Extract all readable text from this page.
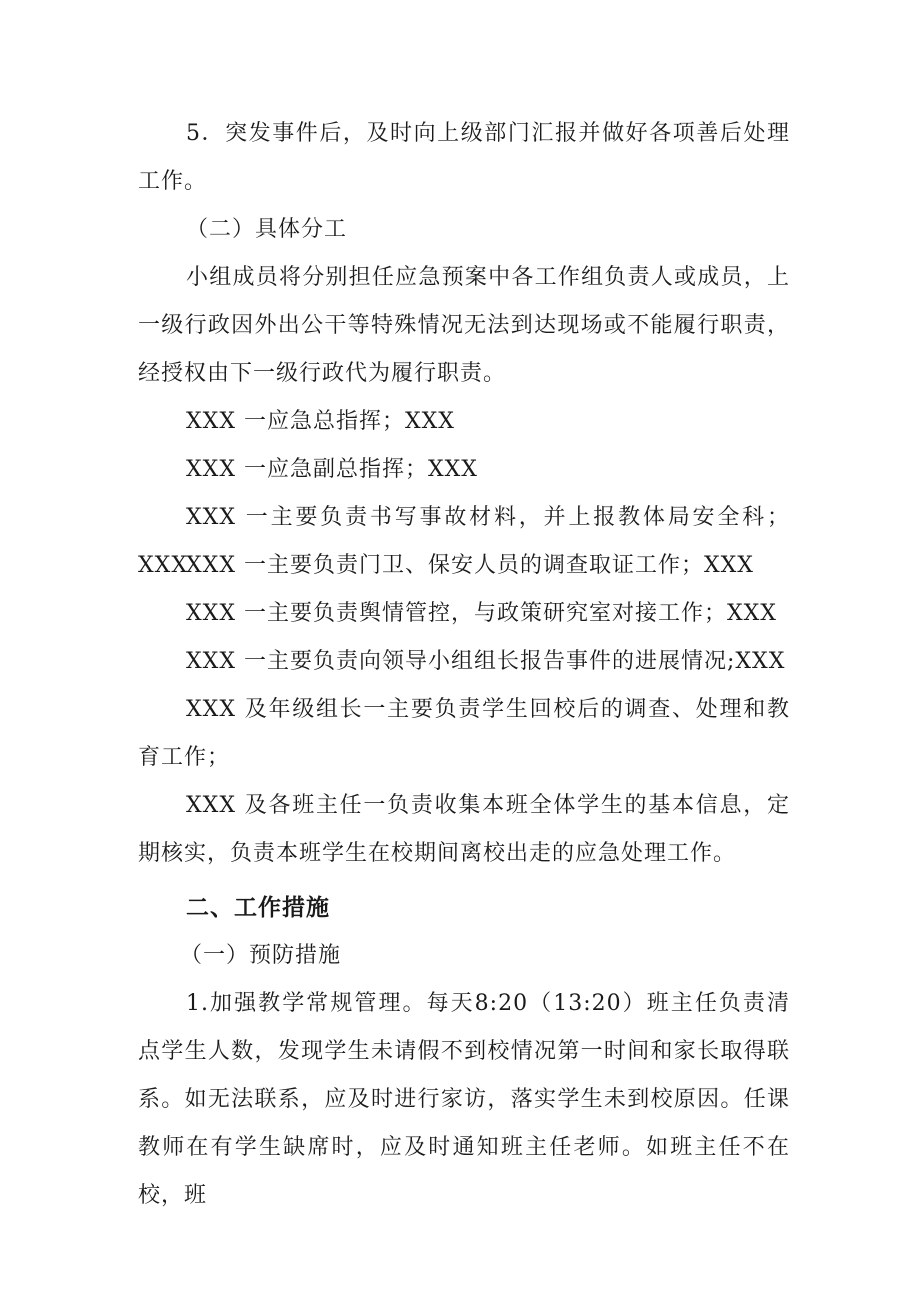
5．突发事件后，及时向上级部门汇报并做好各项善后处理工作。

（二）具体分工

小组成员将分别担任应急预案中各工作组负责人或成员，上一级行政因外出公干等特殊情况无法到达现场或不能履行职责，经授权由下一级行政代为履行职责。

XXX 一应急总指挥；XXX

XXX 一应急副总指挥；XXX

XXX 一主要负责书写事故材料，并上报教体局安全科；XXX

XXX 一主要负责门卫、保安人员的调查取证工作；XXX

XXX 一主要负责舆情管控，与政策研究室对接工作；XXX

XXX 一主要负责向领导小组组长报告事件的进展情况;XXX

XXX 及年级组长一主要负责学生回校后的调查、处理和教育工作；

XXX 及各班主任一负责收集本班全体学生的基本信息，定期核实，负责本班学生在校期间离校出走的应急处理工作。

二、工作措施

（一）预防措施

1.加强教学常规管理。每天8:20（13:20）班主任负责清点学生人数，发现学生未请假不到校情况第一时间和家长取得联系。如无法联系，应及时进行家访，落实学生未到校原因。任课教师在有学生缺席时，应及时通知班主任老师。如班主任不在校，班
